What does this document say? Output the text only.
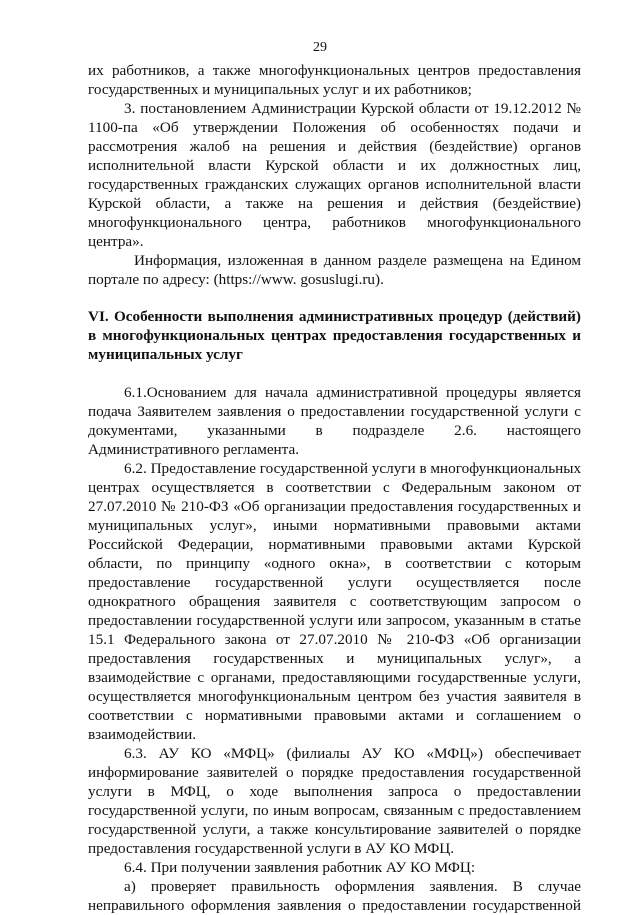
29
их работников, а также многофункциональных центров предоставления
государственных и муниципальных услуг и их работников;
3. постановлением Администрации Курской области от 19.12.2012 №
1100-па «Об утверждении Положения об особенностях подачи и
рассмотрения жалоб на решения и действия (бездействие) органов
исполнительной власти Курской области и их должностных лиц,
государственных гражданских служащих органов исполнительной власти
Курской области, а также на решения и действия (бездействие)
многофункционального центра, работников многофункционального
центра».
Информация, изложенная в данном разделе размещена на Едином
портале по адресу: (https://www. gosuslugi.ru).
VI. Особенности выполнения административных процедур (действий)
в многофункциональных центрах предоставления государственных и
муниципальных услуг
6.1.Основанием для начала административной процедуры является
подача Заявителем заявления о предоставлении государственной услуги с
документами, указанными в подразделе 2.6. настоящего
Административного регламента.
6.2. Предоставление государственной услуги в многофункциональных
центрах осуществляется в соответствии с Федеральным законом от
27.07.2010 № 210-ФЗ «Об организации предоставления государственных и
муниципальных услуг», иными нормативными правовыми актами
Российской Федерации, нормативными правовыми актами Курской
области, по принципу «одного окна», в соответствии с которым
предоставление государственной услуги осуществляется после
однократного обращения заявителя с соответствующим запросом о
предоставлении государственной услуги или запросом, указанным в статье
15.1 Федерального закона от 27.07.2010 № 210-ФЗ «Об организации
предоставления государственных и муниципальных услуг», а
взаимодействие с органами, предоставляющими государственные услуги,
осуществляется многофункциональным центром без участия заявителя в
соответствии с нормативными правовыми актами и соглашением о
взаимодействии.
6.3. АУ КО «МФЦ» (филиалы АУ КО «МФЦ») обеспечивает
информирование заявителей о порядке предоставления государственной
услуги в МФЦ, о ходе выполнения запроса о предоставлении
государственной услуги, по иным вопросам, связанным с предоставлением
государственной услуги, а также консультирование заявителей о порядке
предоставления государственной услуги в АУ КО МФЦ.
6.4. При получении заявления работник АУ КО МФЦ:
а) проверяет правильность оформления заявления. В случае
неправильного оформления заявления о предоставлении государственной
